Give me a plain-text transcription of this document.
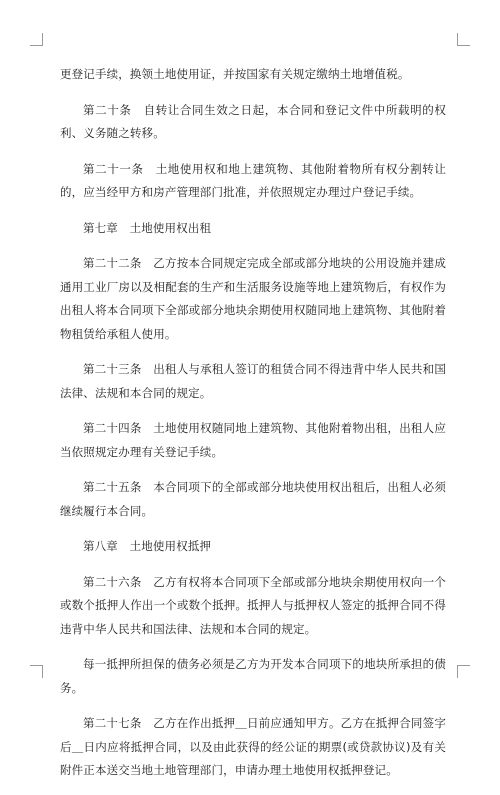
更登记手续，换领土地使用证，并按国家有关规定缴纳土地增值税。

第二十条　自转让合同生效之日起，本合同和登记文件中所载明的权利、义务随之转移。

第二十一条　土地使用权和地上建筑物、其他附着物所有权分割转让的，应当经甲方和房产管理部门批准，并依照规定办理过户登记手续。

第七章　土地使用权出租

第二十二条　乙方按本合同规定完成全部或部分地块的公用设施并建成通用工业厂房以及相配套的生产和生活服务设施等地上建筑物后，有权作为出租人将本合同项下全部或部分地块余期使用权随同地上建筑物、其他附着物租赁给承租人使用。

第二十三条　出租人与承租人签订的租赁合同不得违背中华人民共和国法律、法规和本合同的规定。

第二十四条　土地使用权随同地上建筑物、其他附着物出租，出租人应当依照规定办理有关登记手续。

第二十五条　本合同项下的全部或部分地块使用权出租后，出租人必须继续履行本合同。

第八章　土地使用权抵押

第二十六条　乙方有权将本合同项下全部或部分地块余期使用权向一个或数个抵押人作出一个或数个抵押。抵押人与抵押权人签定的抵押合同不得违背中华人民共和国法律、法规和本合同的规定。

每一抵押所担保的债务必须是乙方为开发本合同项下的地块所承担的债务。

第二十七条　乙方在作出抵押＿日前应通知甲方。乙方在抵押合同签字后＿日内应将抵押合同，以及由此获得的经公证的期票(或贷款协议)及有关附件正本送交当地土地管理部门，申请办理土地使用权抵押登记。
